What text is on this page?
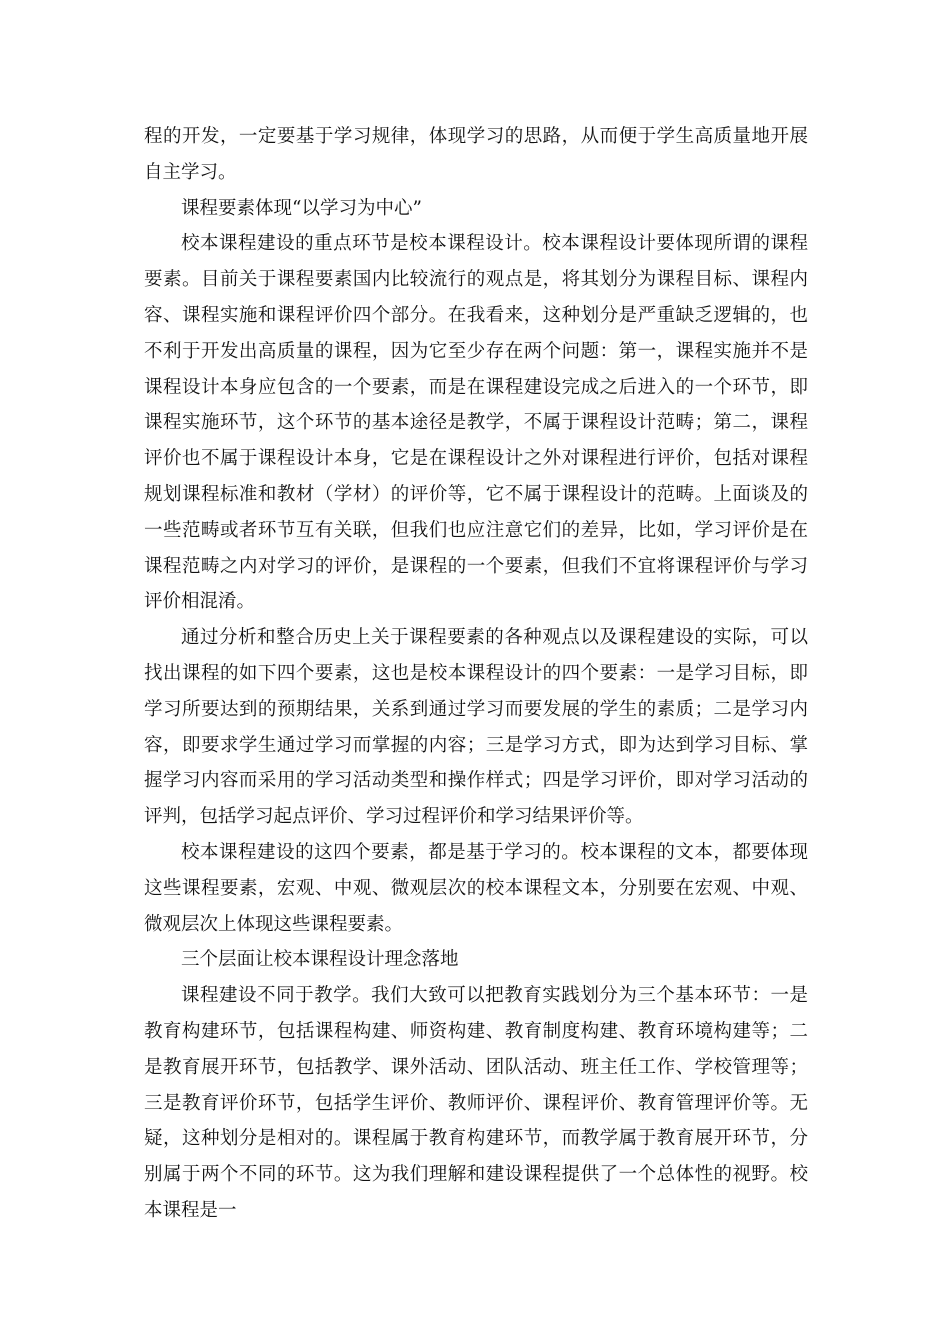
程的开发，一定要基于学习规律，体现学习的思路，从而便于学生高质量地开展自主学习。

课程要素体现“以学习为中心”

校本课程建设的重点环节是校本课程设计。校本课程设计要体现所谓的课程要素。目前关于课程要素国内比较流行的观点是，将其划分为课程目标、课程内容、课程实施和课程评价四个部分。在我看来，这种划分是严重缺乏逻辑的，也不利于开发出高质量的课程，因为它至少存在两个问题：第一，课程实施并不是课程设计本身应包含的一个要素，而是在课程建设完成之后进入的一个环节，即课程实施环节，这个环节的基本途径是教学，不属于课程设计范畴；第二，课程评价也不属于课程设计本身，它是在课程设计之外对课程进行评价，包括对课程规划课程标准和教材（学材）的评价等，它不属于课程设计的范畴。上面谈及的一些范畴或者环节互有关联，但我们也应注意它们的差异，比如，学习评价是在课程范畴之内对学习的评价，是课程的一个要素，但我们不宜将课程评价与学习评价相混淆。

通过分析和整合历史上关于课程要素的各种观点以及课程建设的实际，可以找出课程的如下四个要素，这也是校本课程设计的四个要素：一是学习目标，即学习所要达到的预期结果，关系到通过学习而要发展的学生的素质；二是学习内容，即要求学生通过学习而掌握的内容；三是学习方式，即为达到学习目标、掌握学习内容而采用的学习活动类型和操作样式；四是学习评价，即对学习活动的评判，包括学习起点评价、学习过程评价和学习结果评价等。

校本课程建设的这四个要素，都是基于学习的。校本课程的文本，都要体现这些课程要素，宏观、中观、微观层次的校本课程文本，分别要在宏观、中观、微观层次上体现这些课程要素。

三个层面让校本课程设计理念落地

课程建设不同于教学。我们大致可以把教育实践划分为三个基本环节：一是教育构建环节，包括课程构建、师资构建、教育制度构建、教育环境构建等；二是教育展开环节，包括教学、课外活动、团队活动、班主任工作、学校管理等；三是教育评价环节，包括学生评价、教师评价、课程评价、教育管理评价等。无疑，这种划分是相对的。课程属于教育构建环节，而教学属于教育展开环节，分别属于两个不同的环节。这为我们理解和建设课程提供了一个总体性的视野。校本课程是一
